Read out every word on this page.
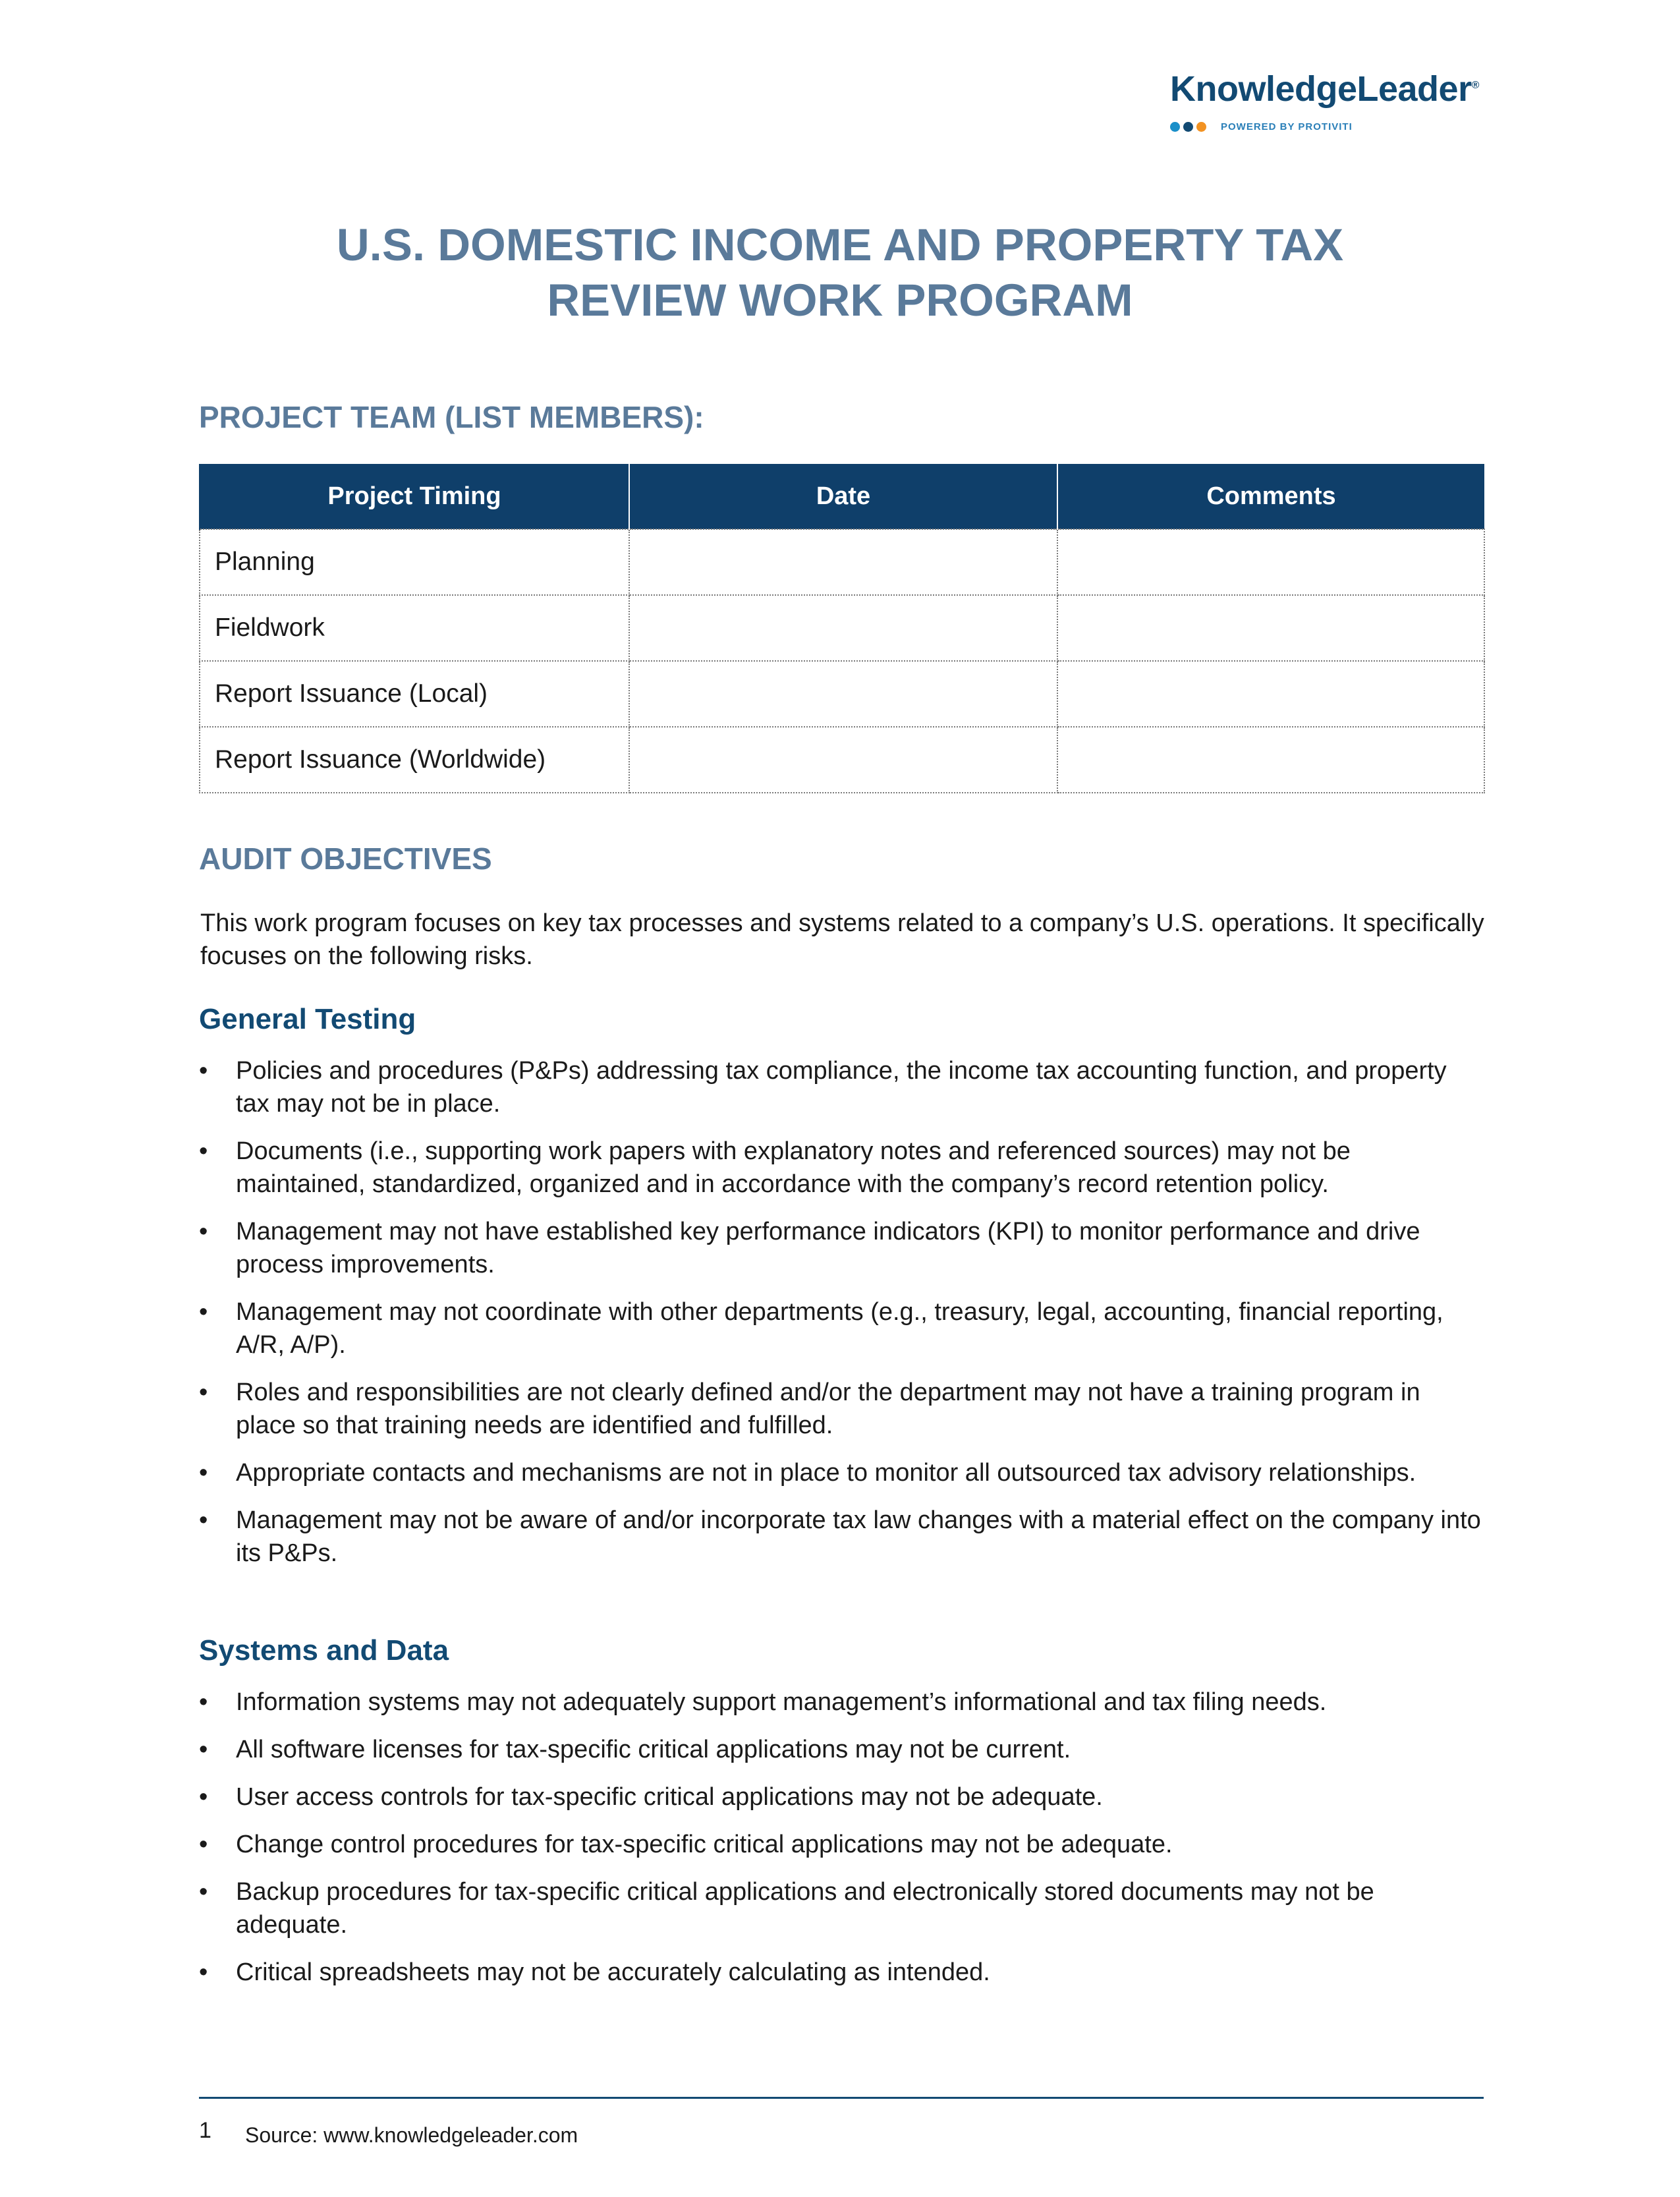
KnowledgeLeader®
POWERED BY PROTIVITI
U.S. DOMESTIC INCOME AND PROPERTY TAX
REVIEW WORK PROGRAM
PROJECT TEAM (LIST MEMBERS):
Project Timing	Date	Comments
Planning		
Fieldwork		
Report Issuance (Local)		
Report Issuance (Worldwide)		
AUDIT OBJECTIVES
This work program focuses on key tax processes and systems related to a company’s U.S. operations. It specifically focuses on the following risks.
General Testing
• Policies and procedures (P&Ps) addressing tax compliance, the income tax accounting function, and property tax may not be in place.
• Documents (i.e., supporting work papers with explanatory notes and referenced sources) may not be maintained, standardized, organized and in accordance with the company’s record retention policy.
• Management may not have established key performance indicators (KPI) to monitor performance and drive process improvements.
• Management may not coordinate with other departments (e.g., treasury, legal, accounting, financial reporting, A/R, A/P).
• Roles and responsibilities are not clearly defined and/or the department may not have a training program in place so that training needs are identified and fulfilled.
• Appropriate contacts and mechanisms are not in place to monitor all outsourced tax advisory relationships.
• Management may not be aware of and/or incorporate tax law changes with a material effect on the company into its P&Ps.
Systems and Data
• Information systems may not adequately support management’s informational and tax filing needs.
• All software licenses for tax-specific critical applications may not be current.
• User access controls for tax-specific critical applications may not be adequate.
• Change control procedures for tax-specific critical applications may not be adequate.
• Backup procedures for tax-specific critical applications and electronically stored documents may not be adequate.
• Critical spreadsheets may not be accurately calculating as intended.
1 Source: www.knowledgeleader.com
